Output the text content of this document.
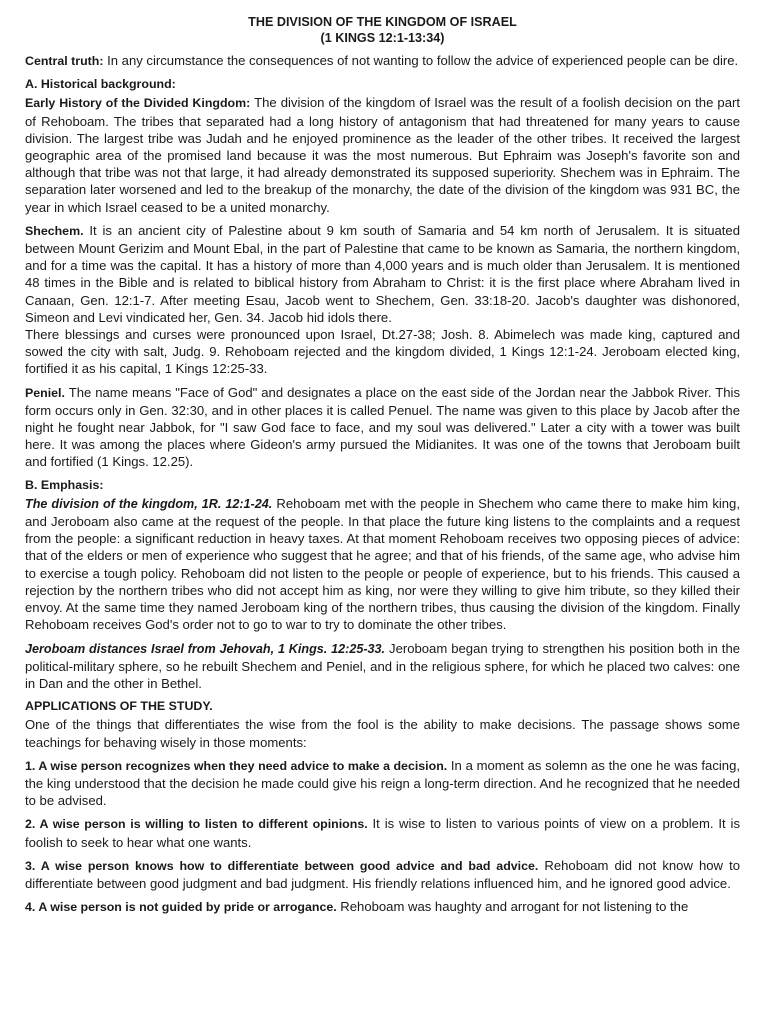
THE DIVISION OF THE KINGDOM OF ISRAEL
(1 KINGS 12:1-13:34)

Central truth: In any circumstance the consequences of not wanting to follow the advice of experienced people can be dire.

A. Historical background:

Early History of the Divided Kingdom: The division of the kingdom of Israel was the result of a foolish decision on the part of Rehoboam. The tribes that separated had a long history of antagonism that had threatened for many years to cause division. The largest tribe was Judah and he enjoyed prominence as the leader of the other tribes. It received the largest geographic area of the promised land because it was the most numerous. But Ephraim was Joseph's favorite son and although that tribe was not that large, it had already demonstrated its supposed superiority. Shechem was in Ephraim. The separation later worsened and led to the breakup of the monarchy, the date of the division of the kingdom was 931 BC, the year in which Israel ceased to be a united monarchy.

Shechem. It is an ancient city of Palestine about 9 km south of Samaria and 54 km north of Jerusalem. It is situated between Mount Gerizim and Mount Ebal, in the part of Palestine that came to be known as Samaria, the northern kingdom, and for a time was the capital. It has a history of more than 4,000 years and is much older than Jerusalem. It is mentioned 48 times in the Bible and is related to biblical history from Abraham to Christ: it is the first place where Abraham lived in Canaan, Gen. 12:1-7. After meeting Esau, Jacob went to Shechem, Gen. 33:18-20. Jacob's daughter was dishonored, Simeon and Levi vindicated her, Gen. 34. Jacob hid idols there.

There blessings and curses were pronounced upon Israel, Dt.27-38; Josh. 8. Abimelech was made king, captured and sowed the city with salt, Judg. 9. Rehoboam rejected and the kingdom divided, 1 Kings 12:1-24. Jeroboam elected king, fortified it as his capital, 1 Kings 12:25-33.

Peniel. The name means "Face of God" and designates a place on the east side of the Jordan near the Jabbok River. This form occurs only in Gen. 32:30, and in other places it is called Penuel. The name was given to this place by Jacob after the night he fought near Jabbok, for "I saw God face to face, and my soul was delivered." Later a city with a tower was built here. It was among the places where Gideon's army pursued the Midianites. It was one of the towns that Jeroboam built and fortified (1 Kings. 12.25).

B. Emphasis:

The division of the kingdom, 1R. 12:1-24. Rehoboam met with the people in Shechem who came there to make him king, and Jeroboam also came at the request of the people. In that place the future king listens to the complaints and a request from the people: a significant reduction in heavy taxes. At that moment Rehoboam receives two opposing pieces of advice: that of the elders or men of experience who suggest that he agree; and that of his friends, of the same age, who advise him to exercise a tough policy. Rehoboam did not listen to the people or people of experience, but to his friends. This caused a rejection by the northern tribes who did not accept him as king, nor were they willing to give him tribute, so they killed their envoy. At the same time they named Jeroboam king of the northern tribes, thus causing the division of the kingdom. Finally Rehoboam receives God's order not to go to war to try to dominate the other tribes.

Jeroboam distances Israel from Jehovah, 1 Kings. 12:25-33. Jeroboam began trying to strengthen his position both in the political-military sphere, so he rebuilt Shechem and Peniel, and in the religious sphere, for which he placed two calves: one in Dan and the other in Bethel.

APPLICATIONS OF THE STUDY.

One of the things that differentiates the wise from the fool is the ability to make decisions. The passage shows some teachings for behaving wisely in those moments:

1. A wise person recognizes when they need advice to make a decision. In a moment as solemn as the one he was facing, the king understood that the decision he made could give his reign a long-term direction. And he recognized that he needed to be advised.

2. A wise person is willing to listen to different opinions. It is wise to listen to various points of view on a problem. It is foolish to seek to hear what one wants.

3. A wise person knows how to differentiate between good advice and bad advice. Rehoboam did not know how to differentiate between good judgment and bad judgment. His friendly relations influenced him, and he ignored good advice.

4. A wise person is not guided by pride or arrogance. Rehoboam was haughty and arrogant for not listening to the
